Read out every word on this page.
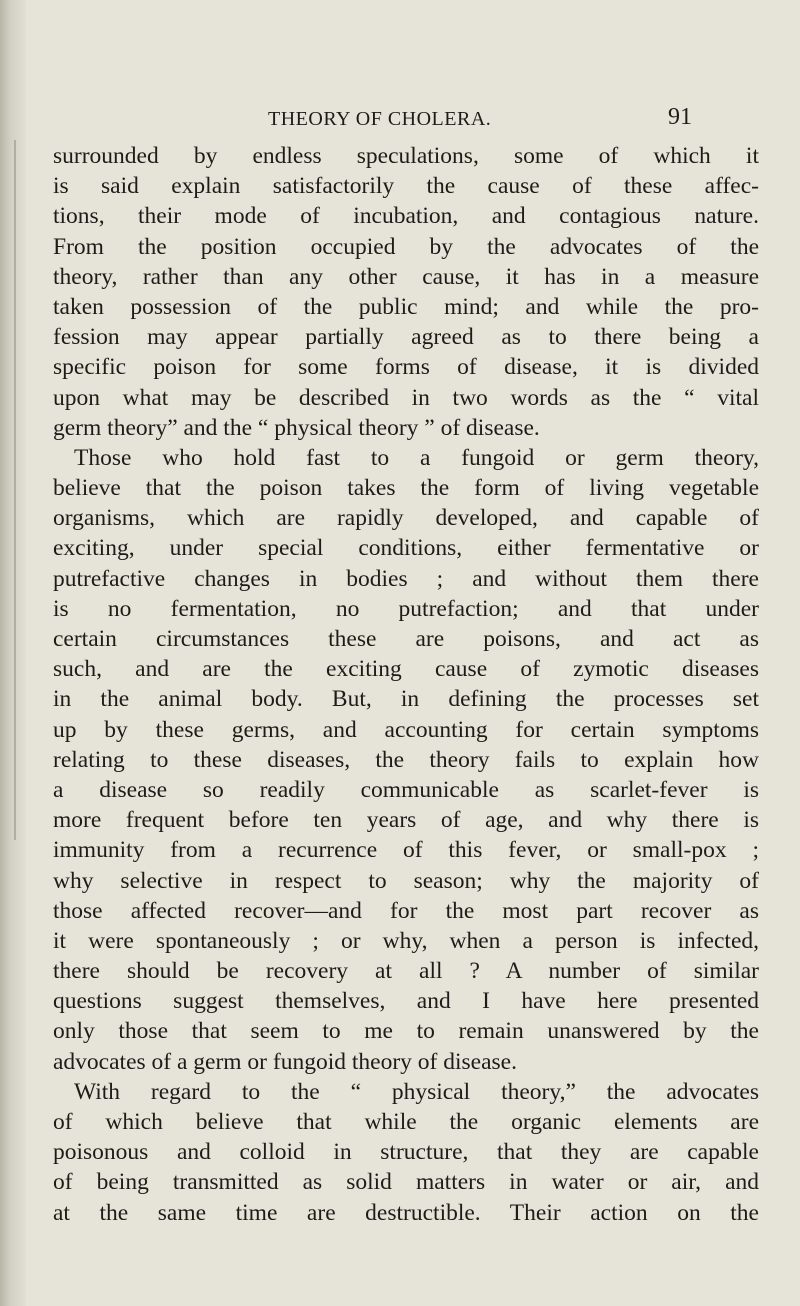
THEORY OF CHOLERA.	91
surrounded by endless speculations, some of which it
is said explain satisfactorily the cause of these affec-
tions, their mode of incubation, and contagious nature.
From the position occupied by the advocates of the
theory, rather than any other cause, it has in a measure
taken possession of the public mind; and while the pro-
fession may appear partially agreed as to there being a
specific poison for some forms of disease, it is divided
upon what may be described in two words as the “ vital
germ theory” and the “ physical theory ” of disease.
Those who hold fast to a fungoid or germ theory,
believe that the poison takes the form of living vegetable
organisms, which are rapidly developed, and capable of
exciting, under special conditions, either fermentative or
putrefactive changes in bodies ; and without them there
is no fermentation, no putrefaction; and that under
certain circumstances these are poisons, and act as
such, and are the exciting cause of zymotic diseases
in the animal body. But, in defining the processes set
up by these germs, and accounting for certain symptoms
relating to these diseases, the theory fails to explain how
a disease so readily communicable as scarlet-fever is
more frequent before ten years of age, and why there is
immunity from a recurrence of this fever, or small-pox ;
why selective in respect to season; why the majority of
those affected recover—and for the most part recover as
it were spontaneously ; or why, when a person is infected,
there should be recovery at all ? A number of similar
questions suggest themselves, and I have here presented
only those that seem to me to remain unanswered by the
advocates of a germ or fungoid theory of disease.
With regard to the “ physical theory,” the advocates
of which believe that while the organic elements are
poisonous and colloid in structure, that they are capable
of being transmitted as solid matters in water or air, and
at the same time are destructible. Their action on the
